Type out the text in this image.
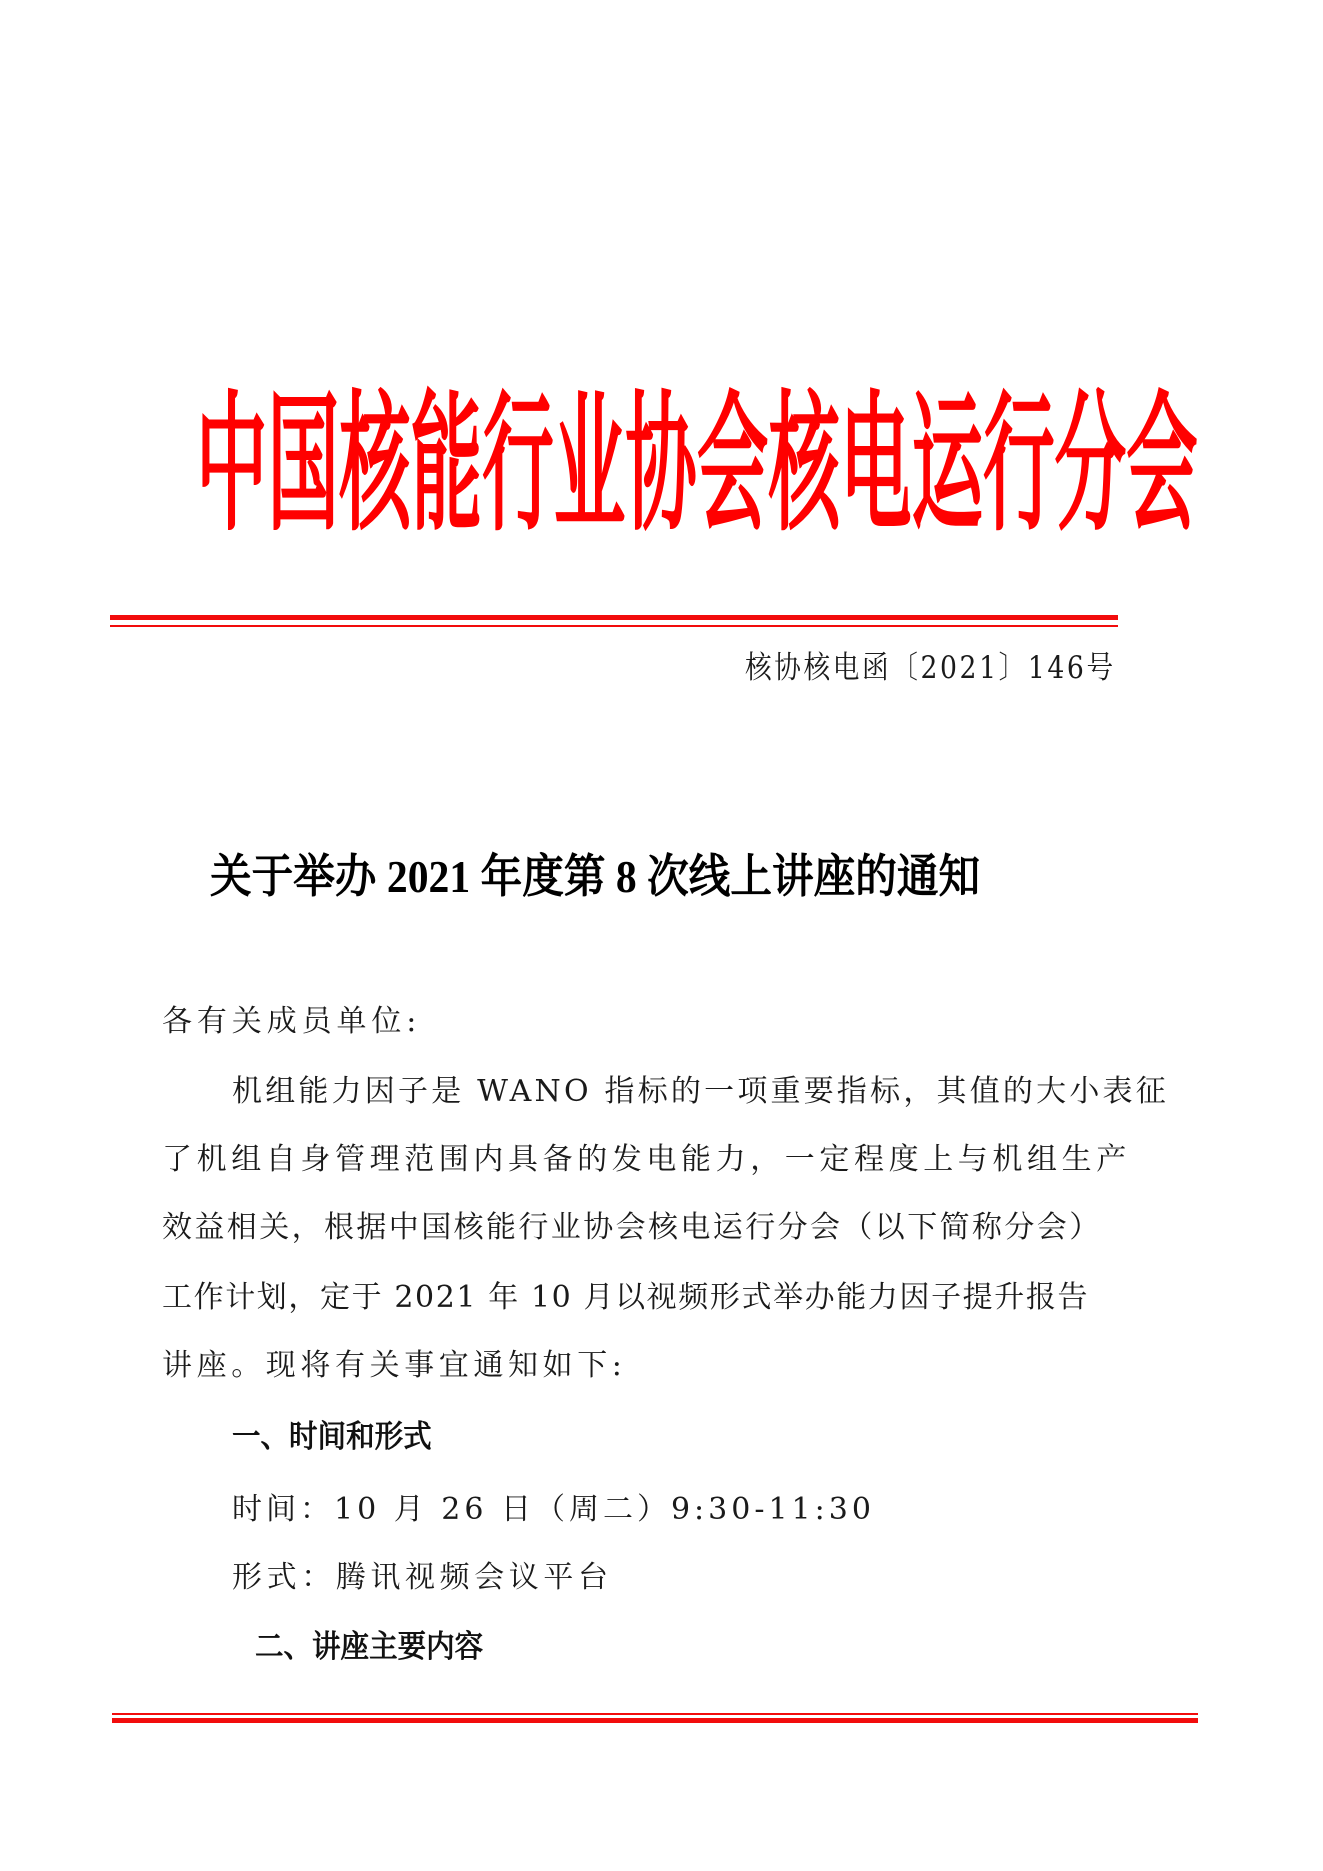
中国核能行业协会核电运行分会
核协核电函〔2021〕146号
关于举办 2021 年度第 8 次线上讲座的通知
各有关成员单位:
机组能力因子是 WANO 指标的一项重要指标，其值的大小表征
了机组自身管理范围内具备的发电能力，一定程度上与机组生产
效益相关，根据中国核能行业协会核电运行分会（以下简称分会）
工作计划，定于 2021 年 10 月以视频形式举办能力因子提升报告
讲座。现将有关事宜通知如下:
一、时间和形式
时间：10 月 26 日（周二）9:30-11:30
形式：腾讯视频会议平台
二、讲座主要内容
